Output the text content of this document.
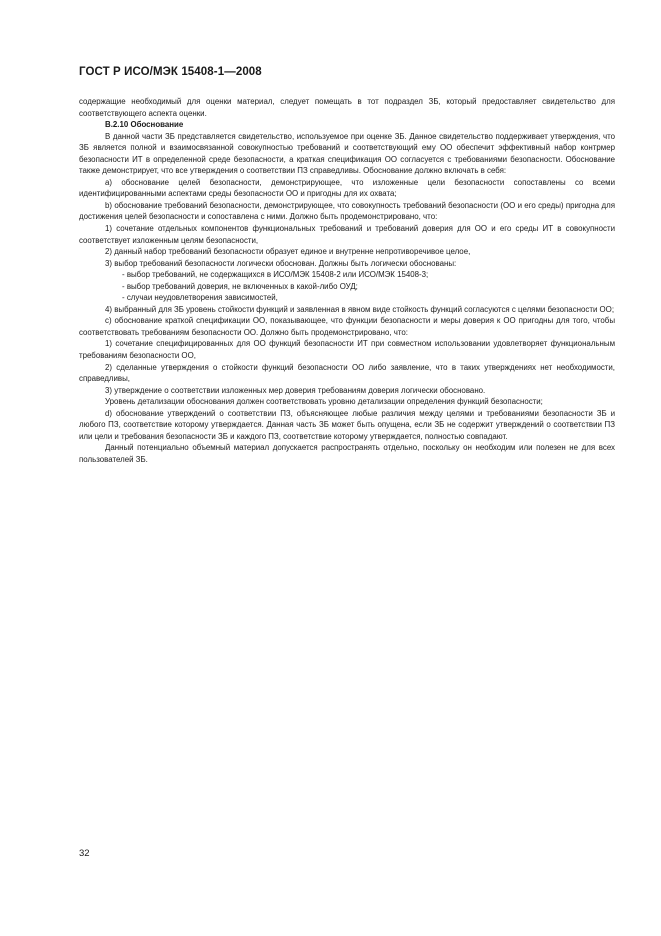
ГОСТ Р ИСО/МЭК 15408-1—2008

содержащие необходимый для оценки материал, следует помещать в тот подраздел ЗБ, который предоставляет свидетельство для соответствующего аспекта оценки.

В.2.10 Обоснование

В данной части ЗБ представляется свидетельство, используемое при оценке ЗБ. Данное свидетельство поддерживает утверждения, что ЗБ является полной и взаимосвязанной совокупностью требований и соответствующий ему ОО обеспечит эффективный набор контрмер безопасности ИТ в определенной среде безопасности, а краткая спецификация ОО согласуется с требованиями безопасности. Обоснование также демонстрирует, что все утверждения о соответствии ПЗ справедливы. Обоснование должно включать в себя:

a) обоснование целей безопасности, демонстрирующее, что изложенные цели безопасности сопоставлены со всеми идентифицированными аспектами среды безопасности ОО и пригодны для их охвата;

b) обоснование требований безопасности, демонстрирующее, что совокупность требований безопасности (ОО и его среды) пригодна для достижения целей безопасности и сопоставлена с ними. Должно быть продемонстрировано, что:

1) сочетание отдельных компонентов функциональных требований и требований доверия для ОО и его среды ИТ в совокупности соответствует изложенным целям безопасности,

2) данный набор требований безопасности образует единое и внутренне непротиворечивое целое,

3) выбор требований безопасности логически обоснован. Должны быть логически обоснованы:

- выбор требований, не содержащихся в ИСО/МЭК 15408-2 или ИСО/МЭК 15408-3;

- выбор требований доверия, не включенных в какой-либо ОУД;

- случаи неудовлетворения зависимостей,

4) выбранный для ЗБ уровень стойкости функций и заявленная в явном виде стойкость функций согласуются с целями безопасности ОО;

c) обоснование краткой спецификации ОО, показывающее, что функции безопасности и меры доверия к ОО пригодны для того, чтобы соответствовать требованиям безопасности ОО. Должно быть продемонстрировано, что:

1) сочетание специфицированных для ОО функций безопасности ИТ при совместном использовании удовлетворяет функциональным требованиям безопасности ОО,

2) сделанные утверждения о стойкости функций безопасности ОО либо заявление, что в таких утверждениях нет необходимости, справедливы,

3) утверждение о соответствии изложенных мер доверия требованиям доверия логически обосновано.

Уровень детализации обоснования должен соответствовать уровню детализации определения функций безопасности;

d) обоснование утверждений о соответствии ПЗ, объясняющее любые различия между целями и требованиями безопасности ЗБ и любого ПЗ, соответствие которому утверждается. Данная часть ЗБ может быть опущена, если ЗБ не содержит утверждений о соответствии ПЗ или цели и требования безопасности ЗБ и каждого ПЗ, соответствие которому утверждается, полностью совпадают.

Данный потенциально объемный материал допускается распространять отдельно, поскольку он необходим или полезен не для всех пользователей ЗБ.

32
